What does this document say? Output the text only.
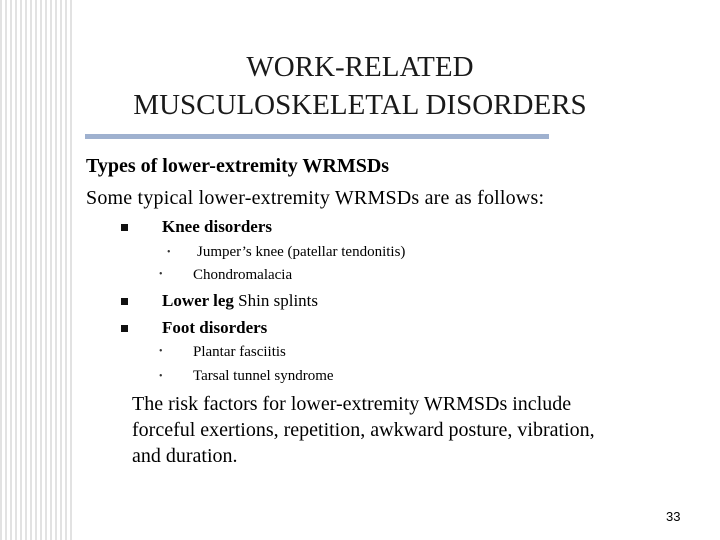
WORK-RELATED
MUSCULOSKELETAL DISORDERS
Types of lower-extremity WRMSDs
Some typical lower-extremity WRMSDs are as follows:
Knee disorders
• Jumper’s knee (patellar tendonitis)
• Chondromalacia
Lower leg Shin splints
Foot disorders
• Plantar fasciitis
• Tarsal tunnel syndrome
The risk factors for lower-extremity WRMSDs include forceful exertions, repetition, awkward posture, vibration, and duration.
33
